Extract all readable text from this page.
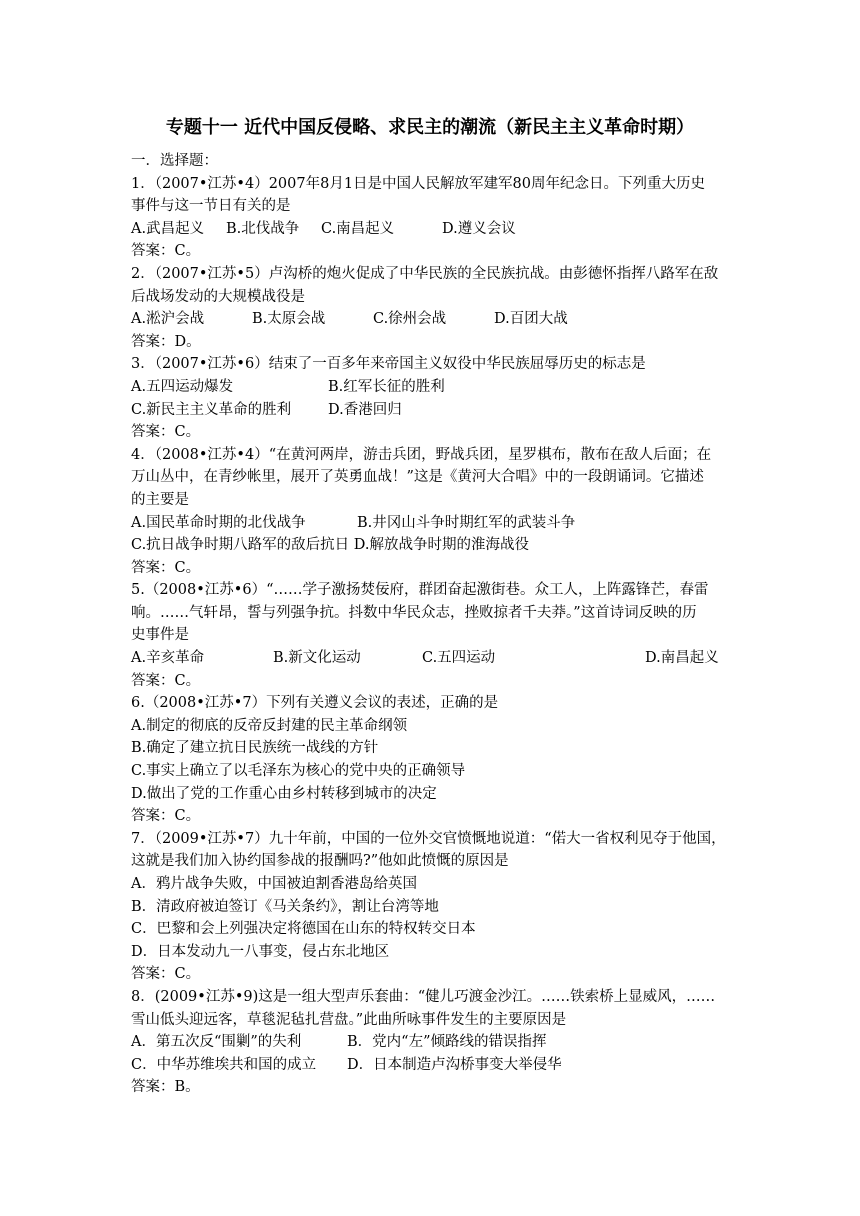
专题十一 近代中国反侵略、求民主的潮流（新民主主义革命时期）
一．选择题：
1．（2007•江苏•4）2007年8月1日是中国人民解放军建军80周年纪念日。下列重大历史
事件与这一节日有关的是
A.武昌起义	B.北伐战争	C.南昌起义	D.遵义会议
答案：C。
2．（2007•江苏•5）卢沟桥的炮火促成了中华民族的全民族抗战。由彭德怀指挥八路军在敌
后战场发动的大规模战役是
A.淞沪会战	B.太原会战	C.徐州会战	D.百团大战
答案：D。
3．（2007•江苏•6）结束了一百多年来帝国主义奴役中华民族屈辱历史的标志是
A.五四运动爆发	B.红军长征的胜利
C.新民主主义革命的胜利	D.香港回归
答案：C。
4．（2008•江苏•4）“在黄河两岸，游击兵团，野战兵团，星罗棋布，散布在敌人后面；在
万山丛中，在青纱帐里，展开了英勇血战！”这是《黄河大合唱》中的一段朗诵词。它描述
的主要是
A.国民革命时期的北伐战争	B.井冈山斗争时期红军的武装斗争
C.抗日战争时期八路军的敌后抗日 D.解放战争时期的淮海战役
答案：C。
5.（2008•江苏•6）“……学子激扬焚佞府，群团奋起激街巷。众工人，上阵露锋芒，春雷
响。……气轩昂，誓与列强争抗。抖数中华民众志，挫败掠者千夫莽。”这首诗词反映的历
史事件是
A.辛亥革命	B.新文化运动	C.五四运动	D.南昌起义
答案：C。
6.（2008•江苏•7）下列有关遵义会议的表述，正确的是
A.制定的彻底的反帝反封建的民主革命纲领
B.确定了建立抗日民族统一战线的方针
C.事实上确立了以毛泽东为核心的党中央的正确领导
D.做出了党的工作重心由乡村转移到城市的决定
答案：C。
7．（2009•江苏•7）九十年前，中国的一位外交官愤慨地说道：“偌大一省权利见夺于他国，
这就是我们加入协约国参战的报酬吗?”他如此愤慨的原因是
A．鸦片战争失败，中国被迫割香港岛给英国
B．清政府被迫签订《马关条约》，割让台湾等地
C．巴黎和会上列强决定将德国在山东的特权转交日本
D．日本发动九一八事变，侵占东北地区
答案：C。
8．(2009•江苏•9)这是一组大型声乐套曲：“健儿巧渡金沙江。……铁索桥上显威风，……
雪山低头迎远客，草毯泥毡扎营盘。”此曲所咏事件发生的主要原因是
A．第五次反“围剿”的失利	B．党内“左”倾路线的错误指挥
C．中华苏维埃共和国的成立	D．日本制造卢沟桥事变大举侵华
答案：B。
